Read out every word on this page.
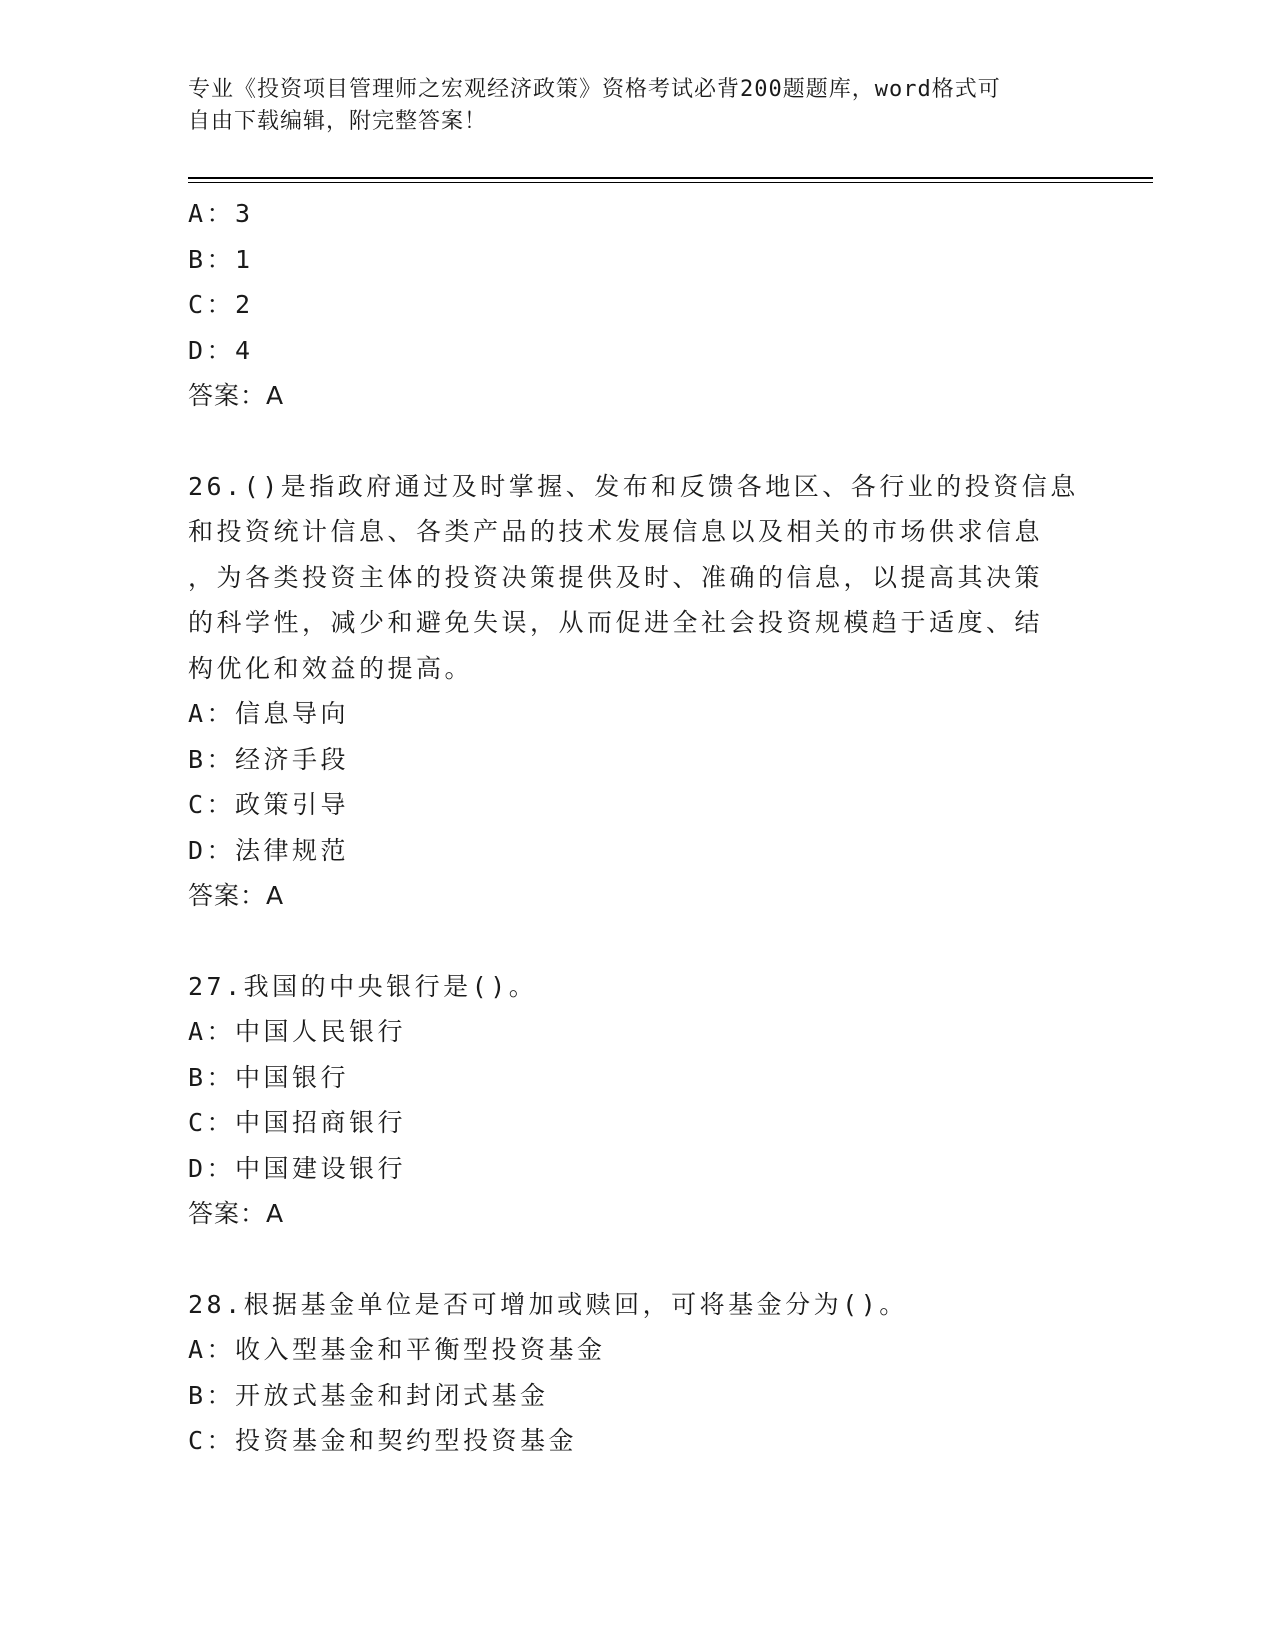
专业《投资项目管理师之宏观经济政策》资格考试必背200题题库，word格式可
自由下载编辑，附完整答案！
A：3
B：1
C：2
D：4
答案：A
26.()是指政府通过及时掌握、发布和反馈各地区、各行业的投资信息
和投资统计信息、各类产品的技术发展信息以及相关的市场供求信息
，为各类投资主体的投资决策提供及时、准确的信息，以提高其决策
的科学性，减少和避免失误，从而促进全社会投资规模趋于适度、结
构优化和效益的提高。
A：信息导向
B：经济手段
C：政策引导
D：法律规范
答案：A
27.我国的中央银行是()。
A：中国人民银行
B：中国银行
C：中国招商银行
D：中国建设银行
答案：A
28.根据基金单位是否可增加或赎回，可将基金分为()。
A：收入型基金和平衡型投资基金
B：开放式基金和封闭式基金
C：投资基金和契约型投资基金
